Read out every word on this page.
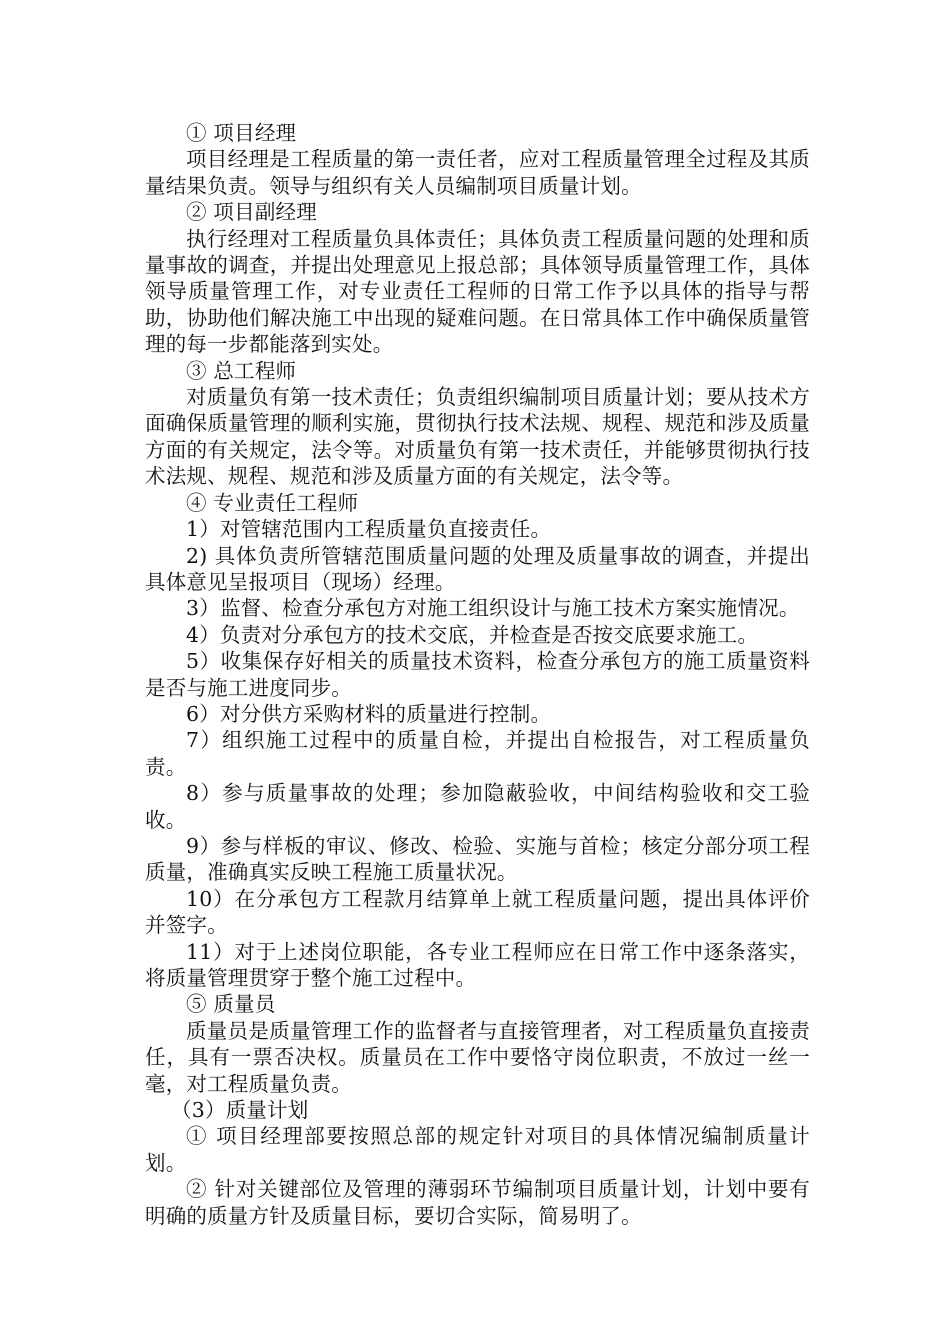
① 项目经理

项目经理是工程质量的第一责任者，应对工程质量管理全过程及其质量结果负责。领导与组织有关人员编制项目质量计划。

② 项目副经理

执行经理对工程质量负具体责任；具体负责工程质量问题的处理和质量事故的调查，并提出处理意见上报总部；具体领导质量管理工作，具体领导质量管理工作，对专业责任工程师的日常工作予以具体的指导与帮助，协助他们解决施工中出现的疑难问题。在日常具体工作中确保质量管理的每一步都能落到实处。

③ 总工程师

对质量负有第一技术责任；负责组织编制项目质量计划；要从技术方面确保质量管理的顺利实施，贯彻执行技术法规、规程、规范和涉及质量方面的有关规定，法令等。对质量负有第一技术责任，并能够贯彻执行技术法规、规程、规范和涉及质量方面的有关规定，法令等。

④ 专业责任工程师

1）对管辖范围内工程质量负直接责任。

2) 具体负责所管辖范围质量问题的处理及质量事故的调查，并提出具体意见呈报项目（现场）经理。

3）监督、检查分承包方对施工组织设计与施工技术方案实施情况。

4）负责对分承包方的技术交底，并检查是否按交底要求施工。

5）收集保存好相关的质量技术资料，检查分承包方的施工质量资料是否与施工进度同步。

6）对分供方采购材料的质量进行控制。

7）组织施工过程中的质量自检，并提出自检报告，对工程质量负责。

8）参与质量事故的处理；参加隐蔽验收，中间结构验收和交工验收。

9）参与样板的审议、修改、检验、实施与首检；核定分部分项工程质量，准确真实反映工程施工质量状况。

10）在分承包方工程款月结算单上就工程质量问题，提出具体评价并签字。

11）对于上述岗位职能，各专业工程师应在日常工作中逐条落实，将质量管理贯穿于整个施工过程中。

⑤ 质量员

质量员是质量管理工作的监督者与直接管理者，对工程质量负直接责任，具有一票否决权。质量员在工作中要恪守岗位职责，不放过一丝一毫，对工程质量负责。

（3）质量计划

① 项目经理部要按照总部的规定针对项目的具体情况编制质量计划。

② 针对关键部位及管理的薄弱环节编制项目质量计划，计划中要有明确的质量方针及质量目标，要切合实际，简易明了。
